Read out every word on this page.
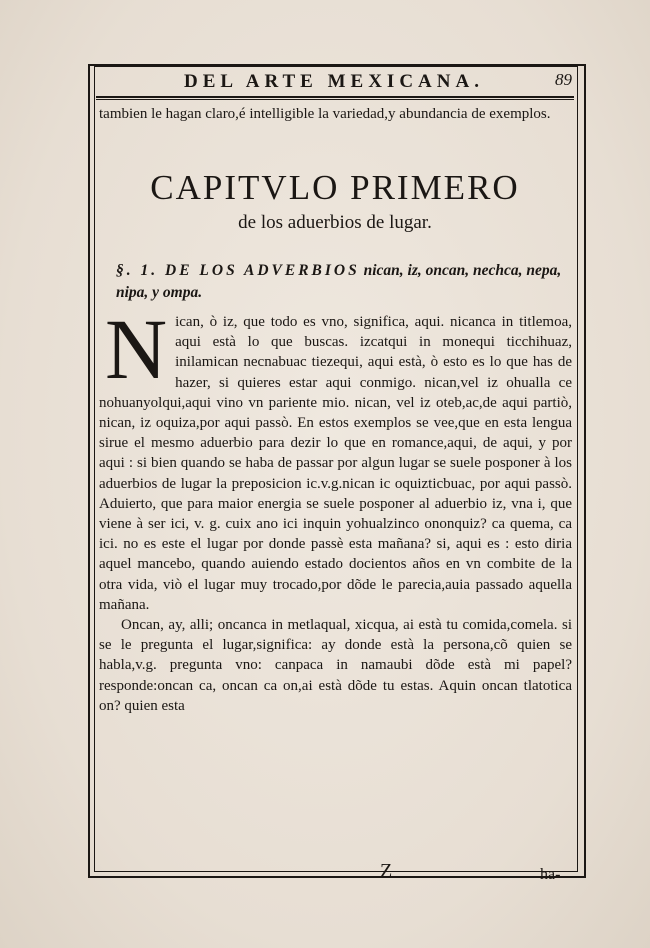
DEL ARTE MEXICANA.	89

tambien le hagan claro,é intelligible la variedad,y abundancia de exemplos.

CAPITVLO PRIMERO
de los aduerbios de lugar.
§. 1. DE LOS ADVERBIOS nican, iz, oncan, nechca, nepa, nipa, y ompa.
N ican, ò iz, que todo es vno, significa, aqui. nicanca in titlemoa, aqui està lo que buscas. izcatqui in monequi ticchihuaz, inilamican necnabuac tiezequi, aqui està, ò esto es lo que has de hazer, si quieres estar aqui conmigo. nican,vel iz ohualla ce nohuanyolqui,aqui vino vn pariente mio. nican, vel iz oteb,ac,de aqui partiò, nican, iz oquiza,por aqui passò. En estos exemplos se vee,que en esta lengua sirue el mesmo aduerbio para dezir lo que en romance,aqui, de aqui, y por aqui : si bien quando se haba de passar por algun lugar se suele posponer à los aduerbios de lugar la preposicion ic.v.g.nican ic oquizticbuac, por aqui passò. Aduierto, que para maior energia se suele posponer al aduerbio iz, vna i, que viene à ser ici, v. g. cuix ano ici inquin yohualzinco ononquiz? ca quema, ca ici. no es este el lugar por donde passè esta mañana? si, aqui es : esto diria aquel mancebo, quando auiendo estado docientos años en vn combite de la otra vida, viò el lugar muy trocado,por dõde le parecia,auia passado aquella mañana.

Oncan, ay, alli; oncanca in metlaqual, xicqua, ai està tu comida,comela. si se le pregunta el lugar,significa: ay donde està la persona,cõ quien se habla,v.g. pregunta vno: canpaca in namaubi dõde està mi papel? responde:oncan ca, oncan ca on,ai està dõde tu estas. Aquin oncan tlatotica on? quien esta

Z	ha-
